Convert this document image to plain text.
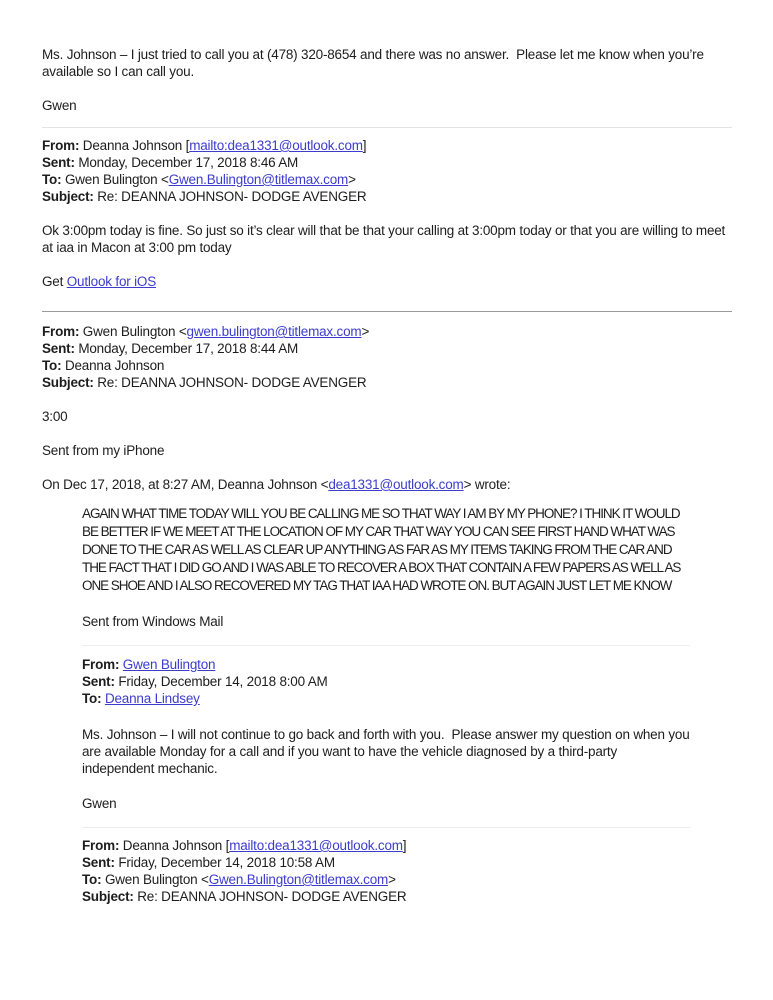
Ms. Johnson – I just tried to call you at (478) 320-8654 and there was no answer.  Please let me know when you’re available so I can call you.
Gwen
From: Deanna Johnson [mailto:dea1331@outlook.com]
Sent: Monday, December 17, 2018 8:46 AM
To: Gwen Bulington <Gwen.Bulington@titlemax.com>
Subject: Re: DEANNA JOHNSON- DODGE AVENGER
Ok 3:00pm today is fine. So just so it’s clear will that be that your calling at 3:00pm today or that you are willing to meet at iaa in Macon at 3:00 pm today
Get Outlook for iOS
From: Gwen Bulington <gwen.bulington@titlemax.com>
Sent: Monday, December 17, 2018 8:44 AM
To: Deanna Johnson
Subject: Re: DEANNA JOHNSON- DODGE AVENGER
3:00
Sent from my iPhone
On Dec 17, 2018, at 8:27 AM, Deanna Johnson <dea1331@outlook.com> wrote:
AGAIN WHAT TIME TODAY WILL YOU BE CALLING ME SO THAT WAY I AM BY MY PHONE? I THINK IT WOULD BE BETTER IF WE MEET AT THE LOCATION OF MY CAR THAT WAY YOU CAN SEE FIRST HAND WHAT WAS DONE TO THE CAR AS WELL AS CLEAR UP ANYTHING AS FAR AS MY ITEMS TAKING FROM THE CAR AND THE FACT THAT I DID GO AND I WAS ABLE TO RECOVER A BOX THAT CONTAIN A FEW PAPERS AS WELL AS ONE SHOE AND I ALSO RECOVERED MY TAG THAT IAA HAD WROTE ON. BUT AGAIN JUST LET ME KNOW
Sent from Windows Mail
From: Gwen Bulington
Sent: Friday, December 14, 2018 8:00 AM
To: Deanna Lindsey
Ms. Johnson – I will not continue to go back and forth with you.  Please answer my question on when you are available Monday for a call and if you want to have the vehicle diagnosed by a third-party independent mechanic.
Gwen
From: Deanna Johnson [mailto:dea1331@outlook.com]
Sent: Friday, December 14, 2018 10:58 AM
To: Gwen Bulington <Gwen.Bulington@titlemax.com>
Subject: Re: DEANNA JOHNSON- DODGE AVENGER
